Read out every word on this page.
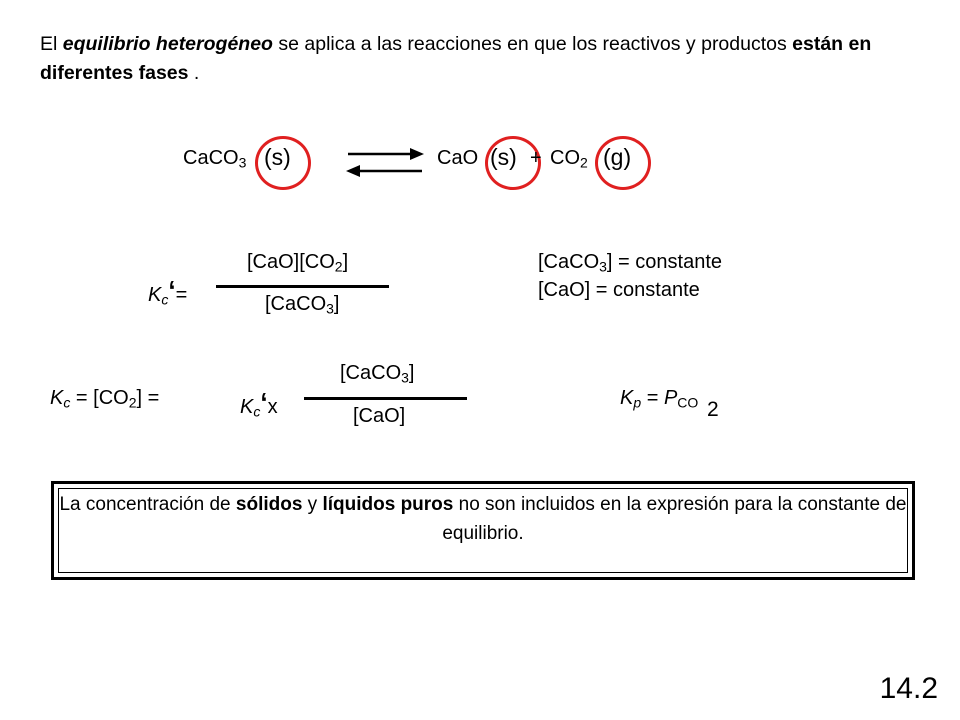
El equilibrio heterogéneo se aplica a las reacciones en que los reactivos y productos están en diferentes fases .
CaCO$_3$ (s)	CaO $(s) + CO_2$ (g)
$K_c‘=$
$[CaO][CO_2]$
[CaCO$_3$]
[CaCO$_3$] = constante
[CaO] = constante
$K_c = [CO_2]$ =	$K_c‘x$
[CaCO$_3$]
[CaO]
$K_p = P_{CO}$ 2
La concentración de sólidos y líquidos puros no son incluidos en la expresión para la constante de equilibrio.
14.2
